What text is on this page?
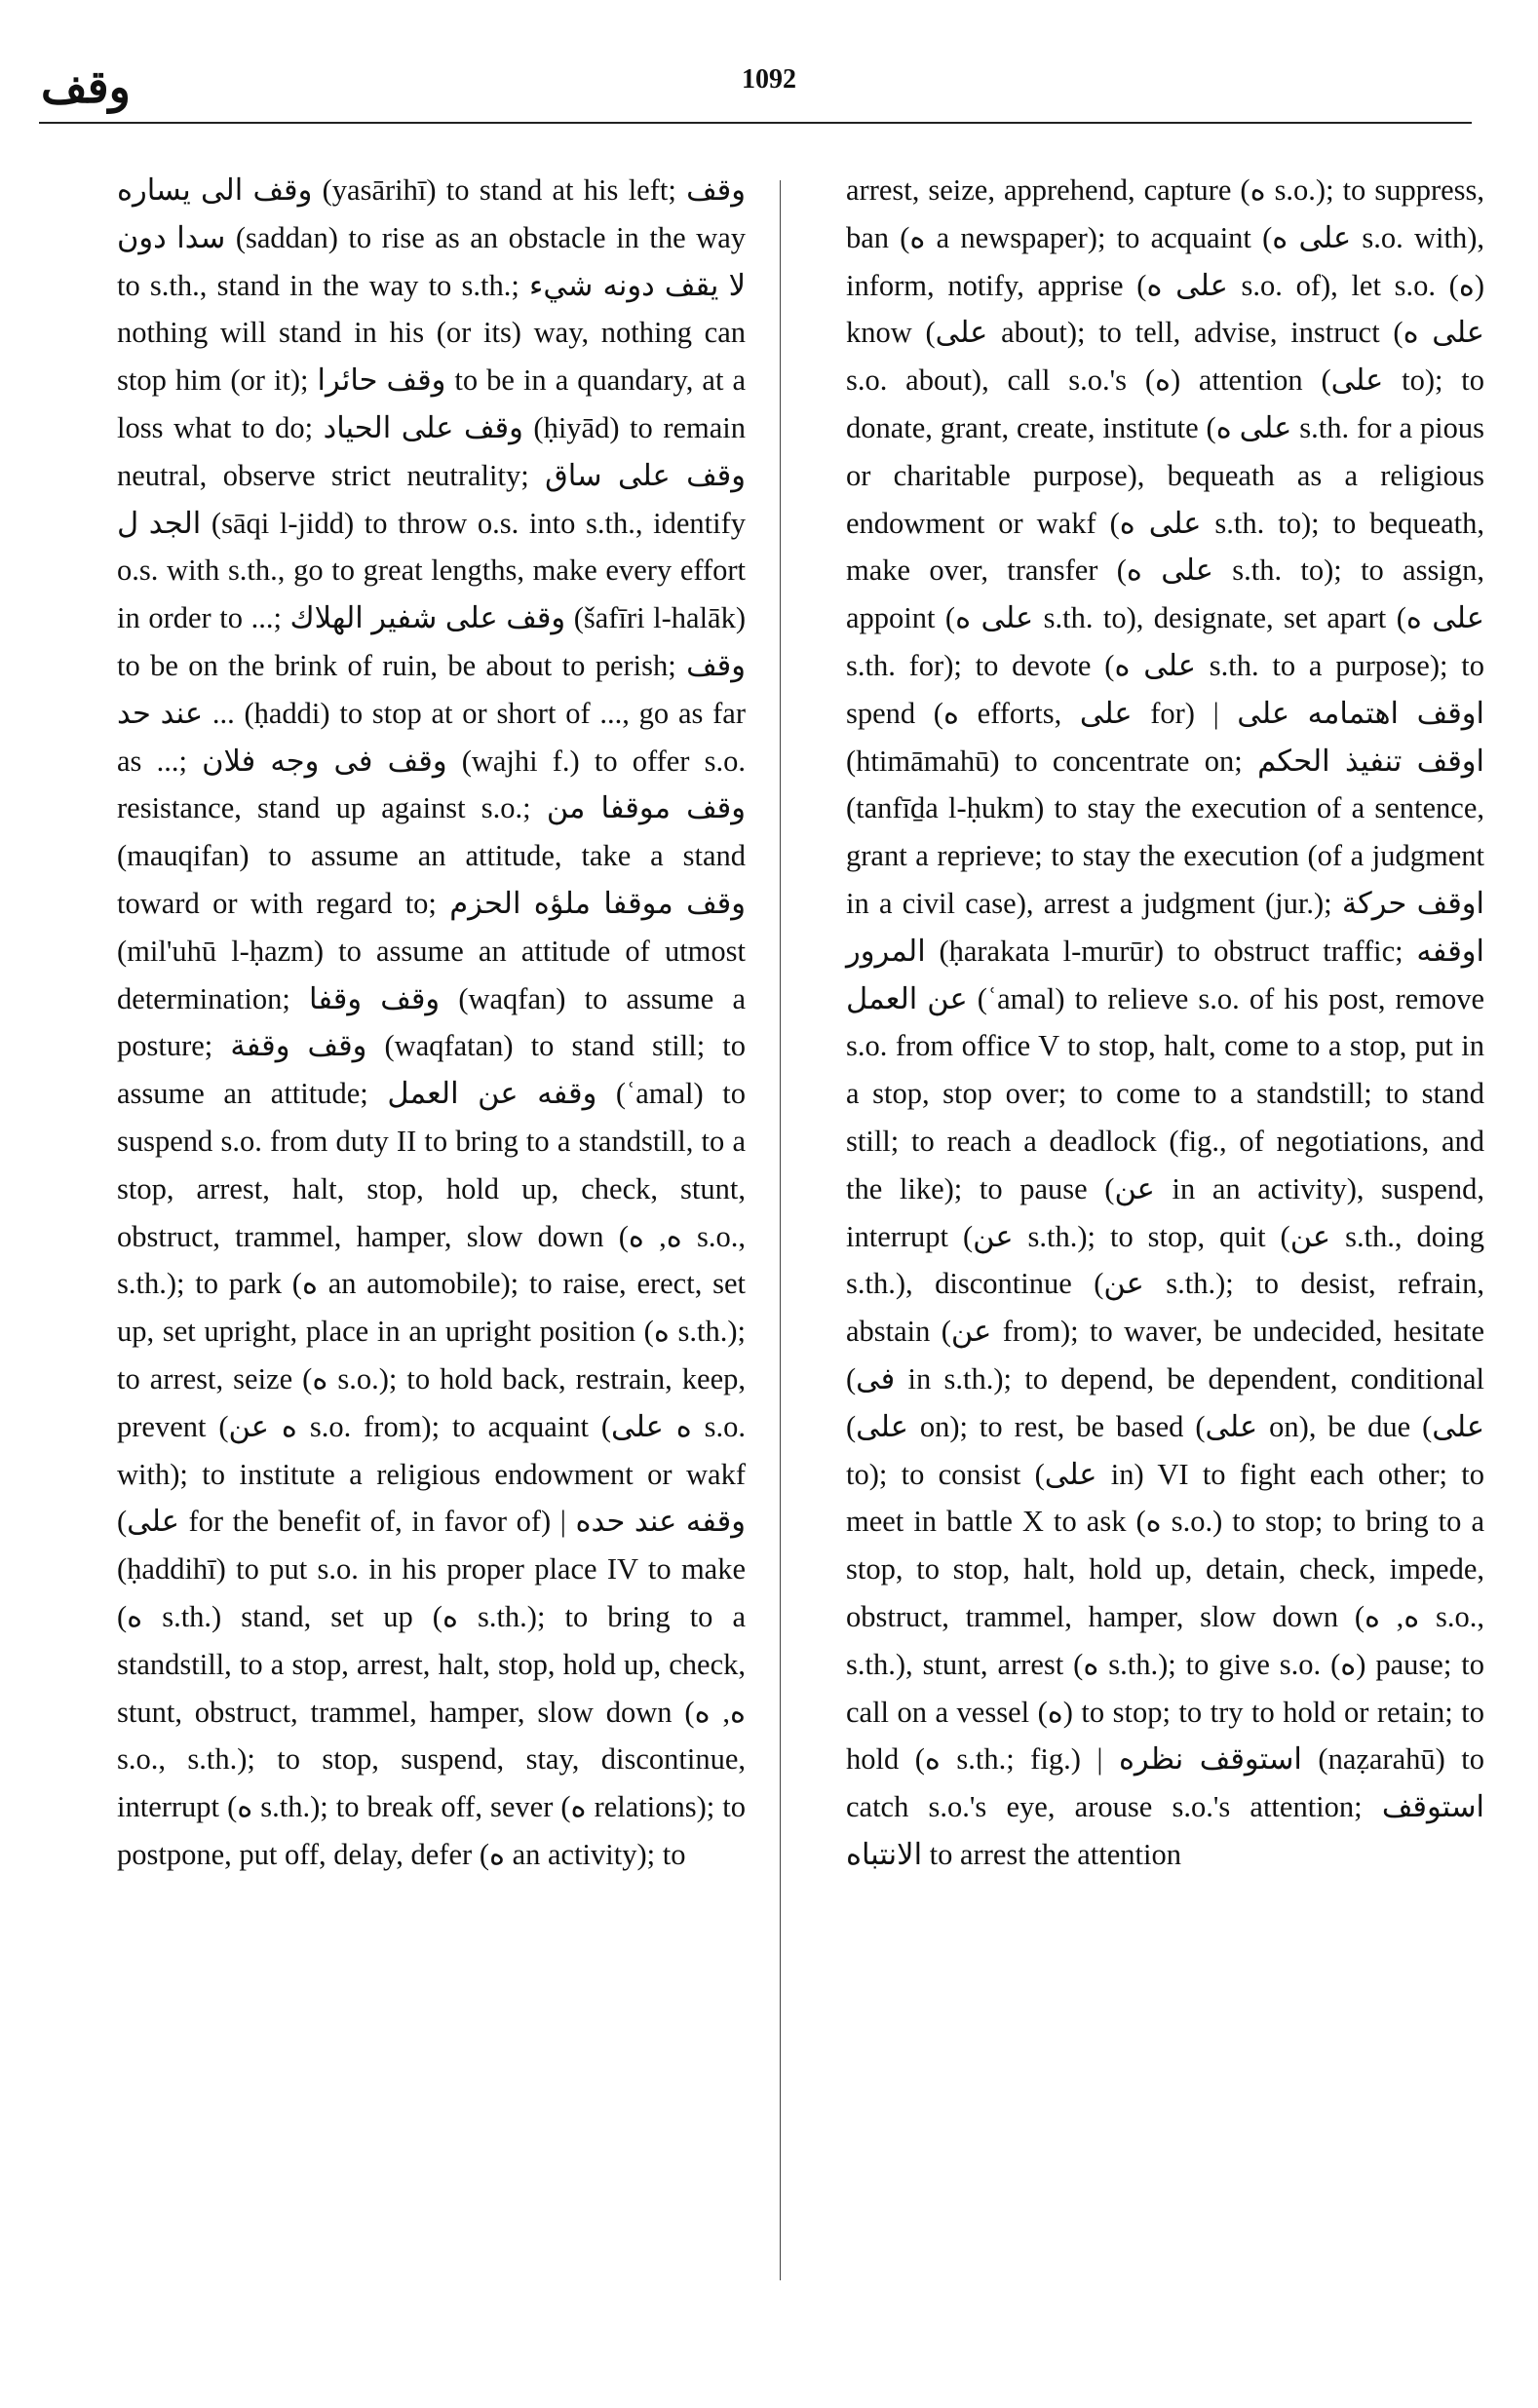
وقف	1092

وقف الى يساره (yasārihī) to stand at his left; وقف سدا دون (saddan) to rise as an obstacle in the way to s.th., stand in the way to s.th.; لا يقف دونه شيء nothing will stand in his (or its) way, nothing can stop him (or it); وقف حائرا to be in a quandary, at a loss what to do; وقف على الحياد (ḥiyād) to remain neutral, observe strict neutrality; وقف على ساق الجد ل (sāqi l-jidd) to throw o.s. into s.th., identify o.s. with s.th., go to great lengths, make every effort in order to ...; وقف على شفير الهلاك (šafīri l-halāk) to be on the brink of ruin, be about to perish; وقف عند حد ... (ḥaddi) to stop at or short of ..., go as far as ...; وقف فى وجه فلان (wajhi f.) to offer s.o. resistance, stand up against s.o.; وقف موقفا من (mauqifan) to assume an attitude, take a stand toward or with regard to; وقف موقفا ملؤه الحزم (mil'uhū l-ḥazm) to assume an attitude of utmost determination; وقف وقفا (waqfan) to assume a posture; وقف وقفة (waqfatan) to stand still; to assume an attitude; وقفه عن العمل (ʿamal) to suspend s.o. from duty II to bring to a standstill, to a stop, arrest, halt, stop, hold up, check, stunt, obstruct, trammel, hamper, slow down (ه, ه s.o., s.th.); to park (ه an automobile); to raise, erect, set up, set upright, place in an upright position (ه s.th.); to arrest, seize (ه s.o.); to hold back, restrain, keep, prevent (ه عن s.o. from); to acquaint (ه على s.o. with); to institute a religious endowment or wakf (على for the benefit of, in favor of) | وقفه عند حده (ḥaddihī) to put s.o. in his proper place IV to make (ه s.th.) stand, set up (ه s.th.); to bring to a standstill, to a stop, arrest, halt, stop, hold up, check, stunt, obstruct, trammel, hamper, slow down (ه, ه s.o., s.th.); to stop, suspend, stay, discontinue, interrupt (ه s.th.); to break off, sever (ه relations); to postpone, put off, delay, defer (ه an activity); to

arrest, seize, apprehend, capture (ه s.o.); to suppress, ban (ه a newspaper); to acquaint (على ه s.o. with), inform, notify, apprise (على ه s.o. of), let s.o. (ه) know (على about); to tell, advise, instruct (على ه s.o. about), call s.o.'s (ه) attention (على to); to donate, grant, create, institute (على ه s.th. for a pious or charitable purpose), bequeath as a religious endowment or wakf (على ه s.th. to); to bequeath, make over, transfer (على ه s.th. to); to assign, appoint (على ه s.th. to), designate, set apart (على ه s.th. for); to devote (على ه s.th. to a purpose); to spend (ه efforts, على for) | اوقف اهتمامه على (htimāmahū) to concentrate on; اوقف تنفيذ الحكم (tanfīḏa l-ḥukm) to stay the execution of a sentence, grant a reprieve; to stay the execution (of a judgment in a civil case), arrest a judgment (jur.); اوقف حركة المرور (ḥarakata l-murūr) to obstruct traffic; اوقفه عن العمل (ʿamal) to relieve s.o. of his post, remove s.o. from office V to stop, halt, come to a stop, put in a stop, stop over; to come to a standstill; to stand still; to reach a deadlock (fig., of negotiations, and the like); to pause (عن in an activity), suspend, interrupt (عن s.th.); to stop, quit (عن s.th., doing s.th.), discontinue (عن s.th.); to desist, refrain, abstain (عن from); to waver, be undecided, hesitate (فى in s.th.); to depend, be dependent, conditional (على on); to rest, be based (على on), be due (على to); to consist (على in) VI to fight each other; to meet in battle X to ask (ه s.o.) to stop; to bring to a stop, to stop, halt, hold up, detain, check, impede, obstruct, trammel, hamper, slow down (ه, ه s.o., s.th.), stunt, arrest (ه s.th.); to give s.o. (ه) pause; to call on a vessel (ه) to stop; to try to hold or retain; to hold (ه s.th.; fig.) | استوقف نظره (naẓarahū) to catch s.o.'s eye, arouse s.o.'s attention; استوقف الانتباه to arrest the attention
